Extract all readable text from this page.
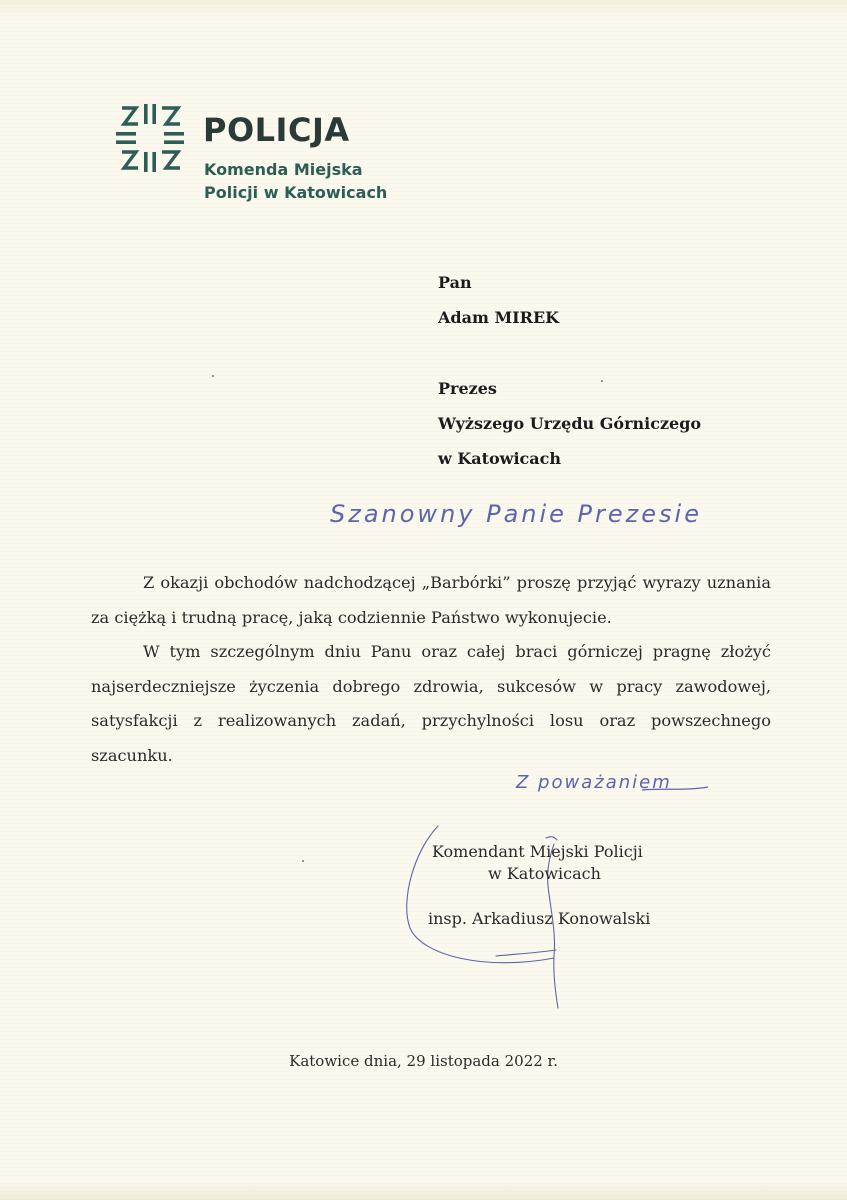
POLICJA
Komenda Miejska
Policji w Katowicach
Pan
Adam MIREK
Prezes
Wyższego Urzędu Górniczego
w Katowicach
Szanowny Panie Prezesie

Z okazji obchodów nadchodzącej „Barbórki” proszę przyjąć wyrazy uznania za ciężką i trudną pracę, jaką codziennie Państwo wykonujecie.

W tym szczególnym dniu Panu oraz całej braci górniczej pragnę złożyć najserdeczniejsze życzenia dobrego zdrowia, sukcesów w pracy zawodowej, satysfakcji z realizowanych zadań, przychylności losu oraz powszechnego szacunku.

Z poważaniem
Komendant Miejski Policji
w Katowicach
insp. Arkadiusz Konowalski
Katowice dnia, 29 listopada 2022 r.
